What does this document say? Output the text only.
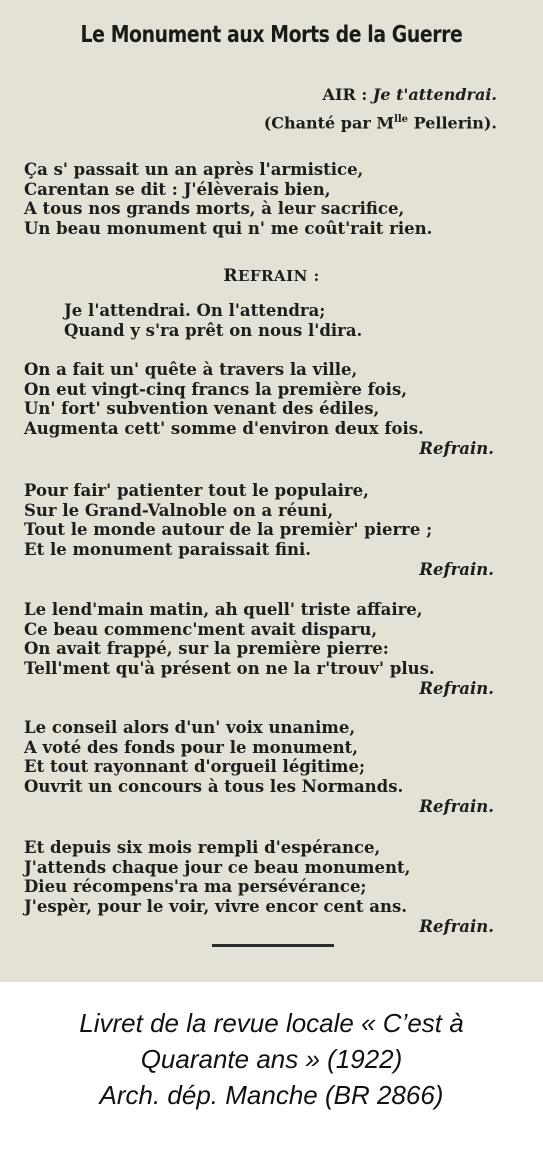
Le Monument aux Morts de la Guerre
AIR : Je t'attendrai.
(Chanté par $M^{lle}$ Pellerin).
Ça s' passait un an après l'armistice,
Carentan se dit : J'élèverais bien,
A tous nos grands morts, à leur sacrifice,
Un beau monument qui n' me coût'rait rien.
REFRAIN :
Je l'attendrai. On l'attendra;
Quand y s'ra prêt on nous l'dira.
On a fait un' quête à travers la ville,
On eut vingt-cinq francs la première fois,
Un' fort' subvention venant des édiles,
Augmenta cett' somme d'environ deux fois.
Refrain.
Pour fair' patienter tout le populaire,
Sur le Grand-Valnoble on a réuni,
Tout le monde autour de la premièr' pierre ;
Et le monument paraissait fini.
Refrain.
Le lend'main matin, ah quell' triste affaire,
Ce beau commenc'ment avait disparu,
On avait frappé, sur la première pierre:
Tell'ment qu'à présent on ne la r'trouv' plus.
Refrain.
Le conseil alors d'un' voix unanime,
A voté des fonds pour le monument,
Et tout rayonnant d'orgueil légitime;
Ouvrit un concours à tous les Normands.
Refrain.
Et depuis six mois rempli d'espérance,
J'attends chaque jour ce beau monument,
Dieu récompens'ra ma persévérance;
J'espèr, pour le voir, vivre encor cent ans.
Refrain.
Livret de la revue locale « C’est à
Quarante ans » (1922)
Arch. dép. Manche (BR 2866)
